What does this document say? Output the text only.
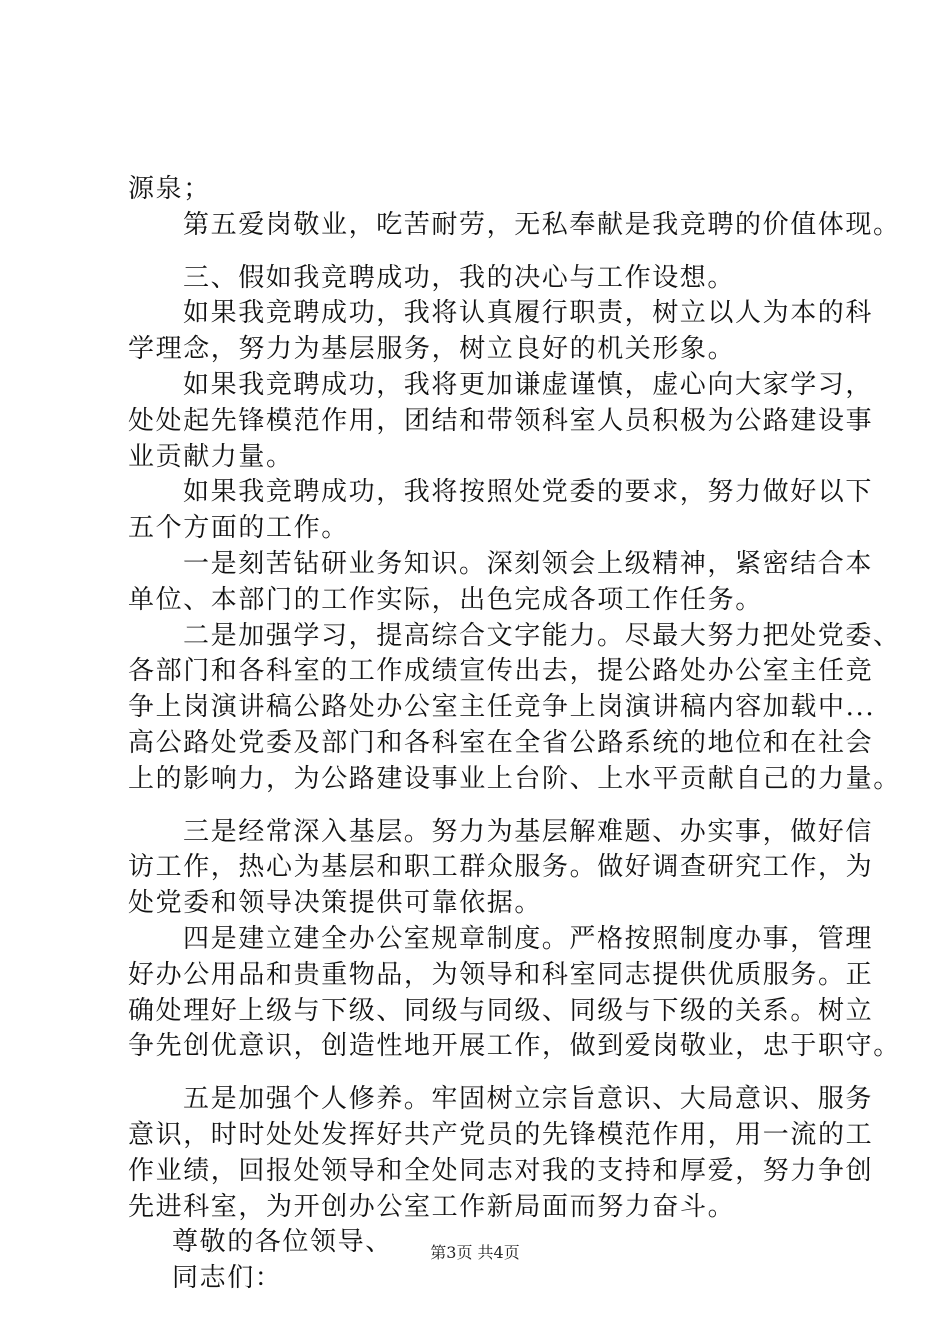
源泉；
第五爱岗敬业，吃苦耐劳，无私奉献是我竞聘的价值体现。
三、假如我竞聘成功，我的决心与工作设想。
如果我竞聘成功，我将认真履行职责，树立以人为本的科
学理念，努力为基层服务，树立良好的机关形象。
如果我竞聘成功，我将更加谦虚谨慎，虚心向大家学习，
处处起先锋模范作用，团结和带领科室人员积极为公路建设事
业贡献力量。
如果我竞聘成功，我将按照处党委的要求，努力做好以下
五个方面的工作。
一是刻苦钻研业务知识。深刻领会上级精神，紧密结合本
单位、本部门的工作实际，出色完成各项工作任务。
二是加强学习，提高综合文字能力。尽最大努力把处党委、
各部门和各科室的工作成绩宣传出去，提公路处办公室主任竞
争上岗演讲稿公路处办公室主任竞争上岗演讲稿内容加载中...
高公路处党委及部门和各科室在全省公路系统的地位和在社会
上的影响力，为公路建设事业上台阶、上水平贡献自己的力量。
三是经常深入基层。努力为基层解难题、办实事，做好信
访工作，热心为基层和职工群众服务。做好调查研究工作，为
处党委和领导决策提供可靠依据。
四是建立建全办公室规章制度。严格按照制度办事，管理
好办公用品和贵重物品，为领导和科室同志提供优质服务。正
确处理好上级与下级、同级与同级、同级与下级的关系。树立
争先创优意识，创造性地开展工作，做到爱岗敬业，忠于职守。
五是加强个人修养。牢固树立宗旨意识、大局意识、服务
意识，时时处处发挥好共产党员的先锋模范作用，用一流的工
作业绩，回报处领导和全处同志对我的支持和厚爱，努力争创
先进科室，为开创办公室工作新局面而努力奋斗。
尊敬的各位领导、
同志们：
第3页 共4页
